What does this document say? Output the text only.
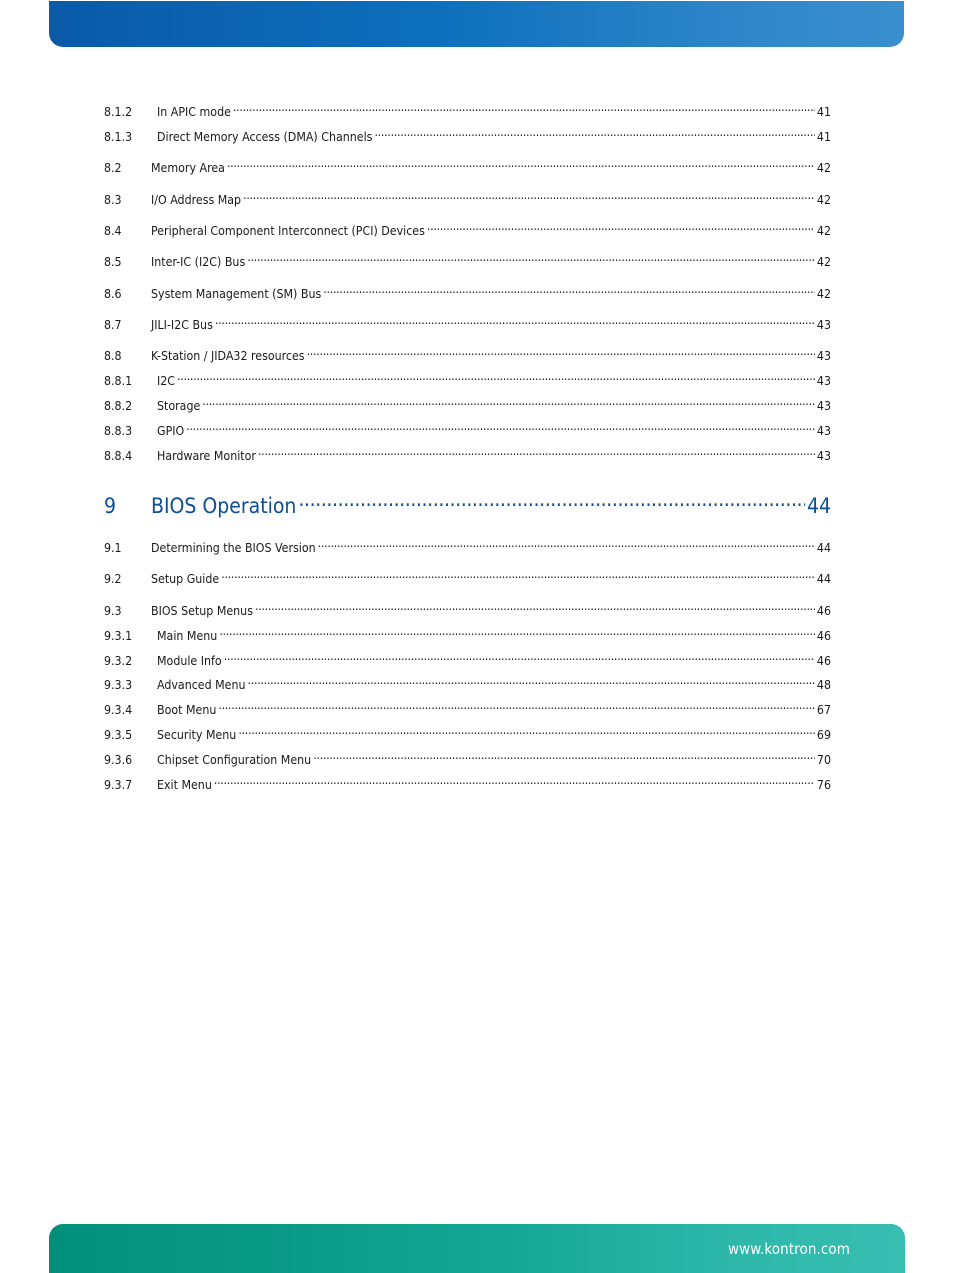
8.1.2	In APIC mode . . .	41
8.1.3	Direct Memory Access (DMA) Channels . . .	41
8.2	Memory Area . . .	42
8.3	I/O Address Map . . .	42
8.4	Peripheral Component Interconnect (PCI) Devices . . .	42
8.5	Inter-IC (I2C) Bus . . .	42
8.6	System Management (SM) Bus . . .	42
8.7	JILI-I2C Bus . . .	43
8.8	K-Station / JIDA32 resources . . .	43
8.8.1	I2C . . .	43
8.8.2	Storage . . .	43
8.8.3	GPIO . . .	43
8.8.4	Hardware Monitor . . .	43
9	BIOS Operation . . .	44
9.1	Determining the BIOS Version . . .	44
9.2	Setup Guide . . .	44
9.3	BIOS Setup Menus . . .	46
9.3.1	Main Menu . . .	46
9.3.2	Module Info . . .	46
9.3.3	Advanced Menu . . .	48
9.3.4	Boot Menu . . .	67
9.3.5	Security Menu . . .	69
9.3.6	Chipset Configuration Menu . . .	70
9.3.7	Exit Menu . . .	76
www.kontron.com
